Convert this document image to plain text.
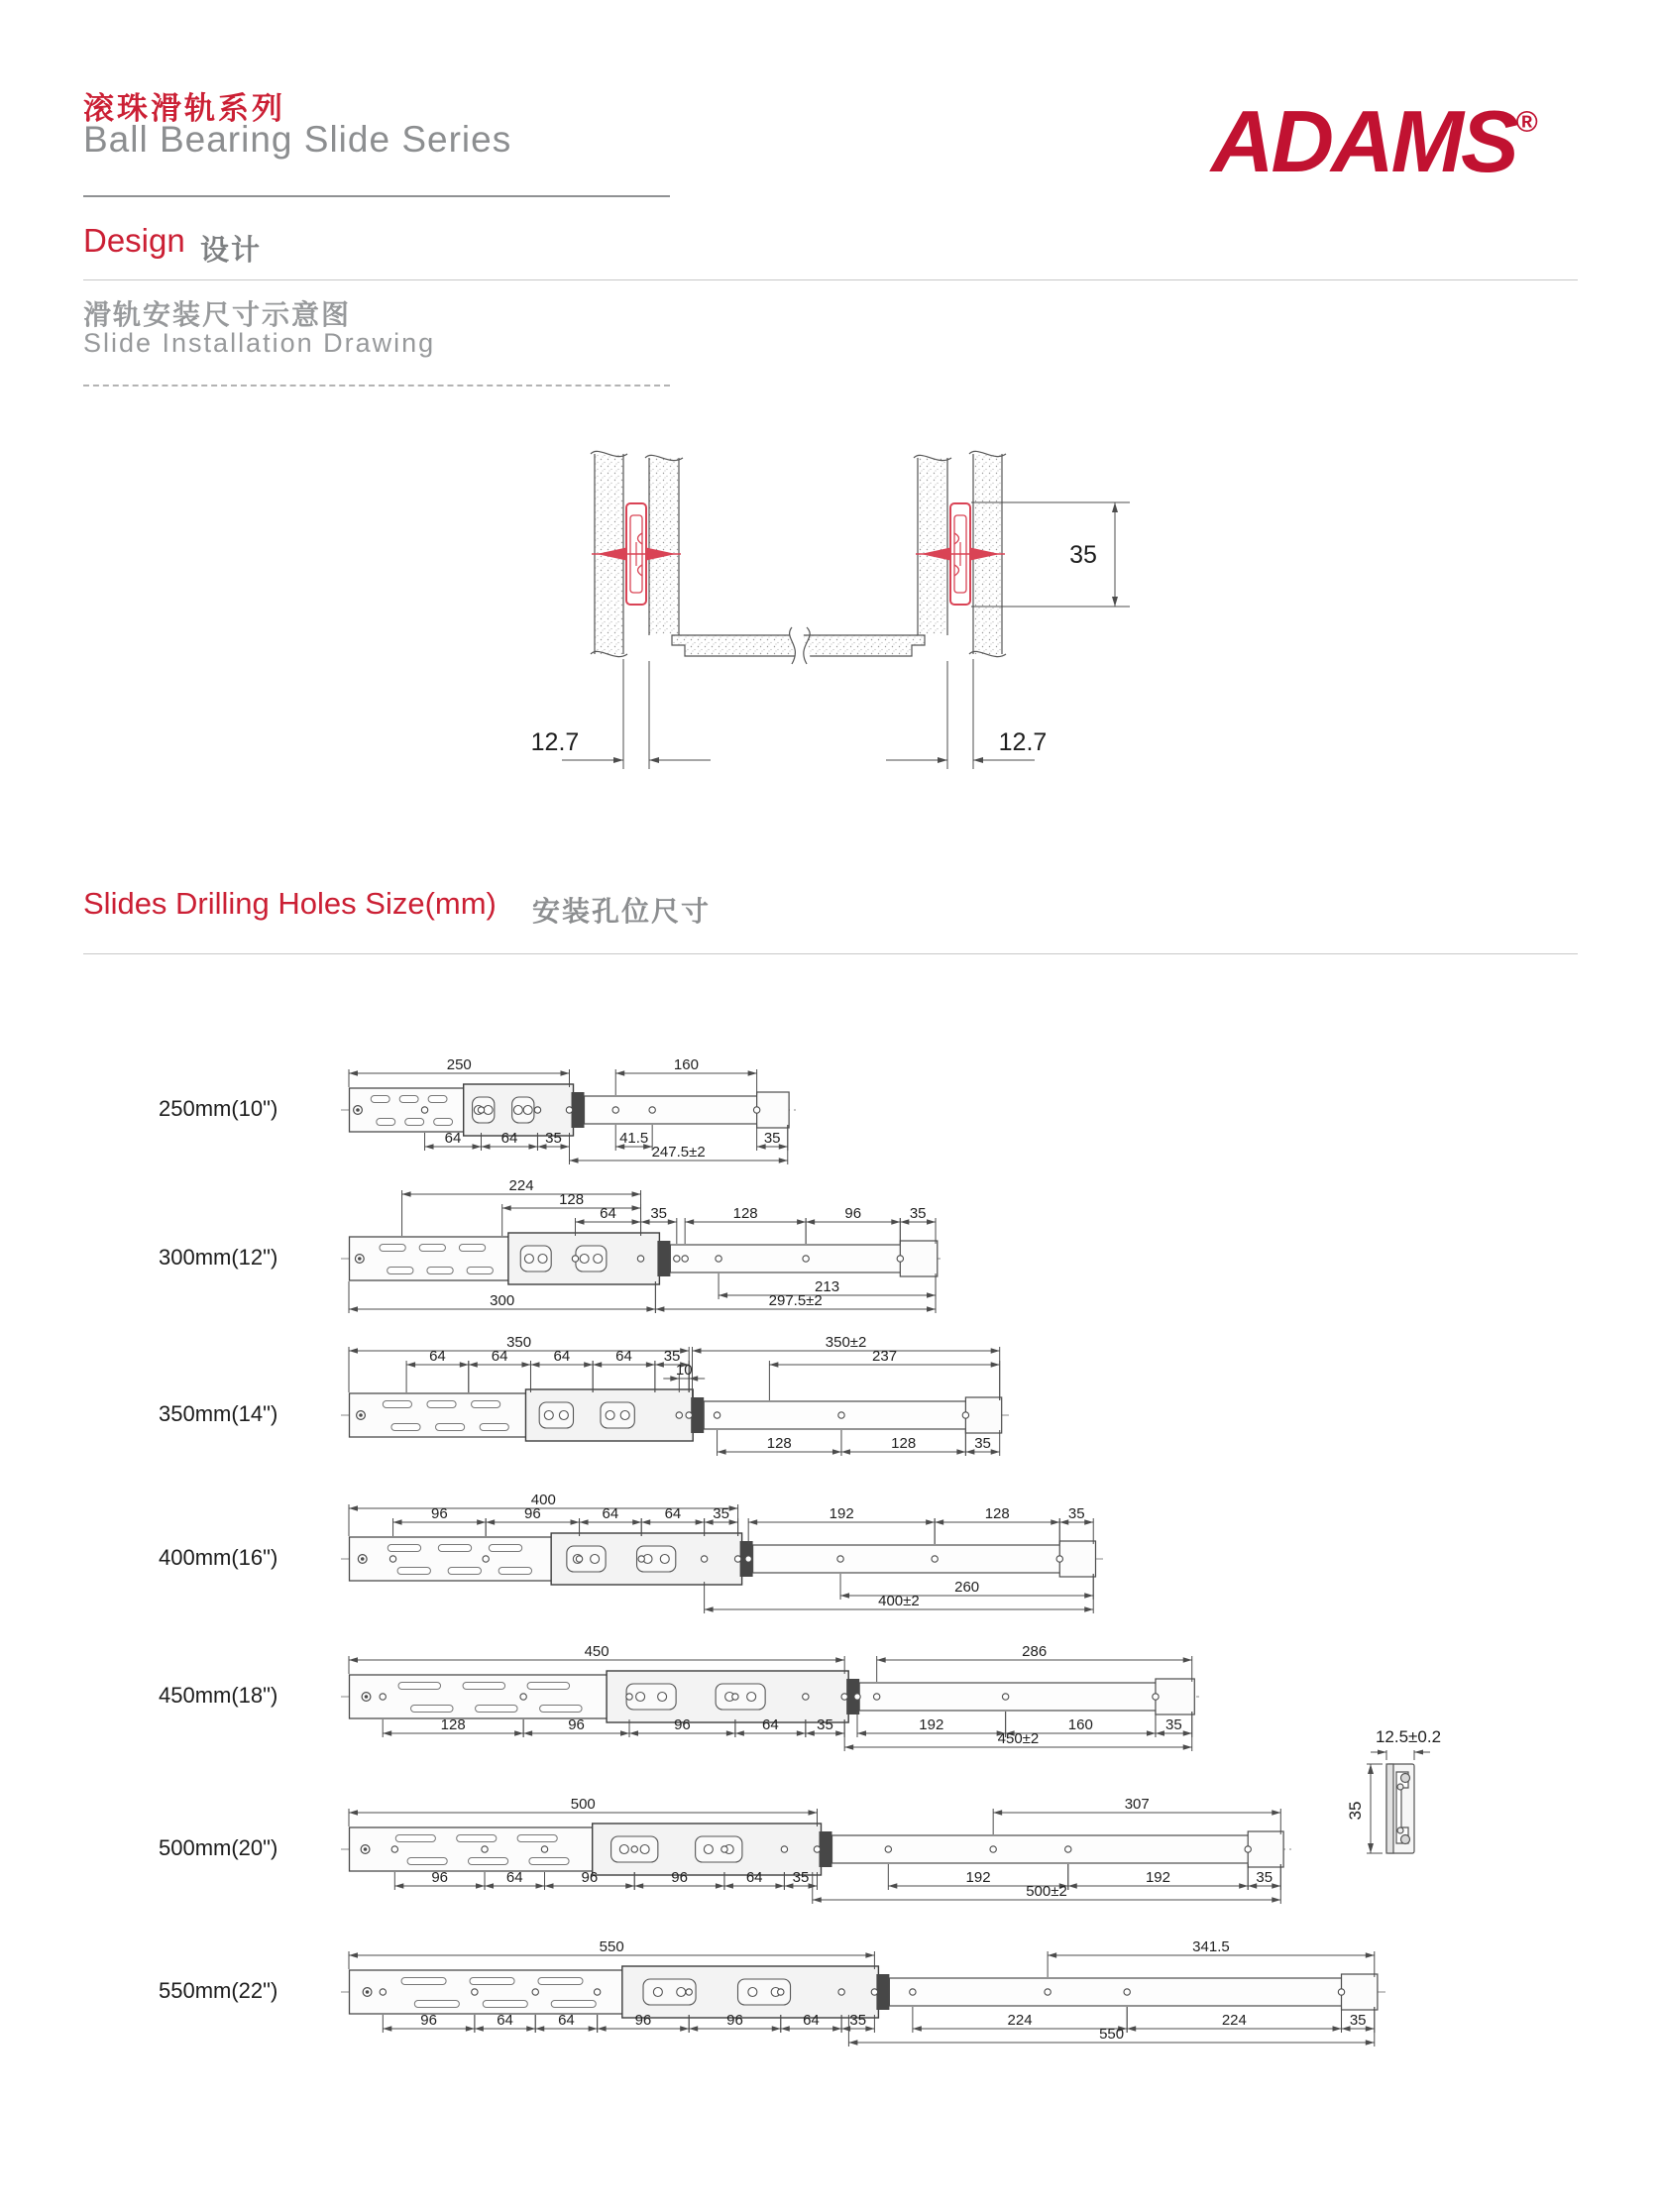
滚珠滑轨系列
Ball Bearing Slide Series	ADAMS®
Design 设计
滑轨安装尺寸示意图
Slide Installation Drawing
35
12.7	12.7
Slides Drilling Holes Size(mm) 安装孔位尺寸
250mm(10")
250	160
64	64 35	41.5
247.5±2
35
300mm(12")
224
128
64 35	128	96	35
300
213
297.5±2
350mm(14")
350
64	64	64	64 35
10
350±2
237
128	128	35
400mm(16")
400
96	96	64	64 35	192	128	35
260
400±2
450mm(18")
450	286
128	96	96	64	35	192	160	35
450±2
500mm(20")
500	307
96	64	96	96	64 35	192	192	35
500±2
550mm(22")
550	341.5
96	64	64	96	96	64 35	224	224	35
550
12.5±0.2
35
